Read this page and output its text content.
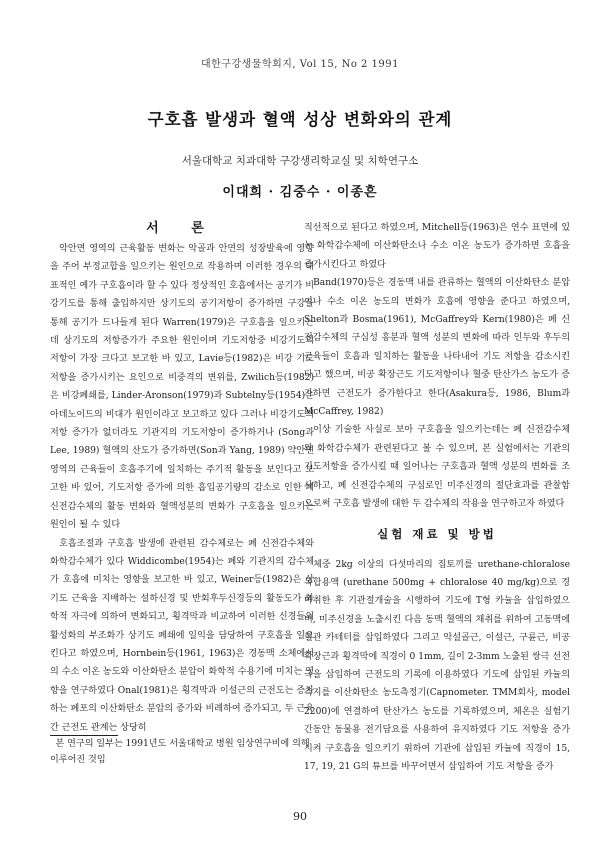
대한구강생물학회지, Vol 15, No 2 1991
구호흡 발생과 혈액 성상 변화와의 관계
서울대학교 치과대학 구강생리학교실 및 치학연구소
이대희 · 김중수 · 이종흔
서 론

악안면 영역의 근육활동 변화는 악골과 안면의 성장발육에 영향을 주어 부정교합을 일으키는 원인으로 작용하며 이러한 경우의 대표적인 예가 구호흡이라 할 수 있다 정상적인 호흡에서는 공기가 비강기도를 통해 출입하지만 상기도의 공기저항이 증가하면 구강을 통해 공기가 드나들게 된다 Warren(1979)은 구호흡을 일으키는데 상기도의 저항증가가 주요한 원인이며 기도저항중 비강기도의 저항이 가장 크다고 보고한 바 있고, Lavie등(1982)은 비강 기도저항을 증가시키는 요인으로 비중격의 변위를, Zwilich등(1982)은 비강폐쇄를, Linder-Aronson(1979)과 Subtelny등(1954)은 아데노이드의 비대가 원인이라고 보고하고 있다 그러나 비강기도의 저항 증가가 없더라도 기관지의 기도저항이 증가하거나 (Song과 Lee, 1989) 혈액의 산도가 증가하면(Son과 Yang, 1989) 약안면 영역의 근육들이 호흡주기에 일치하는 주기적 활동을 보인다고 보고한 바 있어, 기도저항 증가에 의한 흡입공기량의 감소로 인한 폐 신전감수체의 활동 변화와 혈액성분의 변화가 구호흡을 일으키는 원인이 될 수 있다

호흡조절과 구호흡 발생에 관련된 감수체로는 폐 신전감수체와 화학감수체가 있다 Widdicombe(1954)는 폐와 기관지의 감수체가 호흡에 미치는 영향을 보고한 바 있고, Weiner등(1982)은 상기도 근육을 지배하는 설하신경 및 반회후두신경등의 활동도가 화학적 자극에 의하여 변화되고, 횡격막과 비교하여 이러한 신경들의 활성화의 부조화가 상기도 폐쇄에 일익을 담당하여 구호흡을 일으킨다고 하였으며, Hornbein등(1961, 1963)은 경동맥 소체에서의 수소 이온 농도와 이산화탄소 분압이 화학적 수용기에 미치는 영향을 연구하였다 Onal(1981)은 횡격막과 이설근의 근전도는 증가하는 폐포의 이산화탄소 분압의 증가와 비례하여 증가되고, 두 근육간 근전도 관계는 상당히

본 연구의 일부는 1991년도 서울대학교 병원 임상연구비에 의해 이루어진 것임

직선적으로 된다고 하였으며, Mitchell등(1963)은 연수 표면에 있는 화학감수체에 이산화탄소나 수소 이온 농도가 증가하면 호흡을 증가시킨다고 하였다

Band(1970)등은 경동맥 내를 관류하는 혈액의 이산화탄소 분압이나 수소 이온 농도의 변화가 호흡에 영향을 준다고 하였으며, Shelton과 Bosma(1961), McGaffrey와 Kern(1980)은 폐 신전감수체의 구심성 흥분과 혈액 성분의 변화에 따라 인두와 후두의 근육들이 호흡과 일치하는 활동을 나타내어 기도 저항을 감소시킨다고 했으며, 비공 확장근도 기도저항이나 혈중 탄산가스 농도가 증가하면 근전도가 증가한다고 한다(Asakura등, 1986, Blum과 McCaffrey, 1982)

이상 기술한 사실로 보아 구호흡을 일으키는데는 폐 신전감수체와 화학감수체가 관련된다고 볼 수 있으며, 본 실험에서는 기관의 기도저항을 증가시킬 때 일어나는 구호흡과 혈액 성분의 변화를 조사하고, 폐 신전감수체의 구심로인 미주신경의 절단효과를 관찰함으로써 구호흡 발생에 대한 두 감수체의 작용을 연구하고자 하였다

실험 재료 및 방법

체중 2kg 이상의 다섯마리의 집토끼를 urethane-chloralose 복합용액 (urethane 500mg + chloralose 40 mg/kg)으로 경마취한 후 기관절개술을 시행하여 기도에 T형 카뉼을 삽입하였으며, 미주신경을 노출시킨 다음 동맥 혈액의 채취를 위하여 고동맥에 혈관 카테터를 삽입하였다 그리고 악설골근, 이설근, 구륜근, 비공 확장근과 횡격막에 직경이 0 1mm, 길이 2-3mm 노출된 쌍극 선전극을 삽입하여 근전도의 기록에 이용하였다 기도에 삽입된 카뉼의 측지를 이산화탄소 농도측정기(Capnometer. TMM회사, model 2200)에 연결하여 탄산가스 농도를 기록하였으며, 체온은 실험기간동안 동물용 전기담요를 사용하여 유지하였다 기도 저항을 증가시켜 구호흡을 일으키기 위하여 기관에 삽입된 카뉼에 직경이 15, 17, 19, 21 G의 튜브를 바꾸어면서 삽입하여 기도 저항을 증가

90
